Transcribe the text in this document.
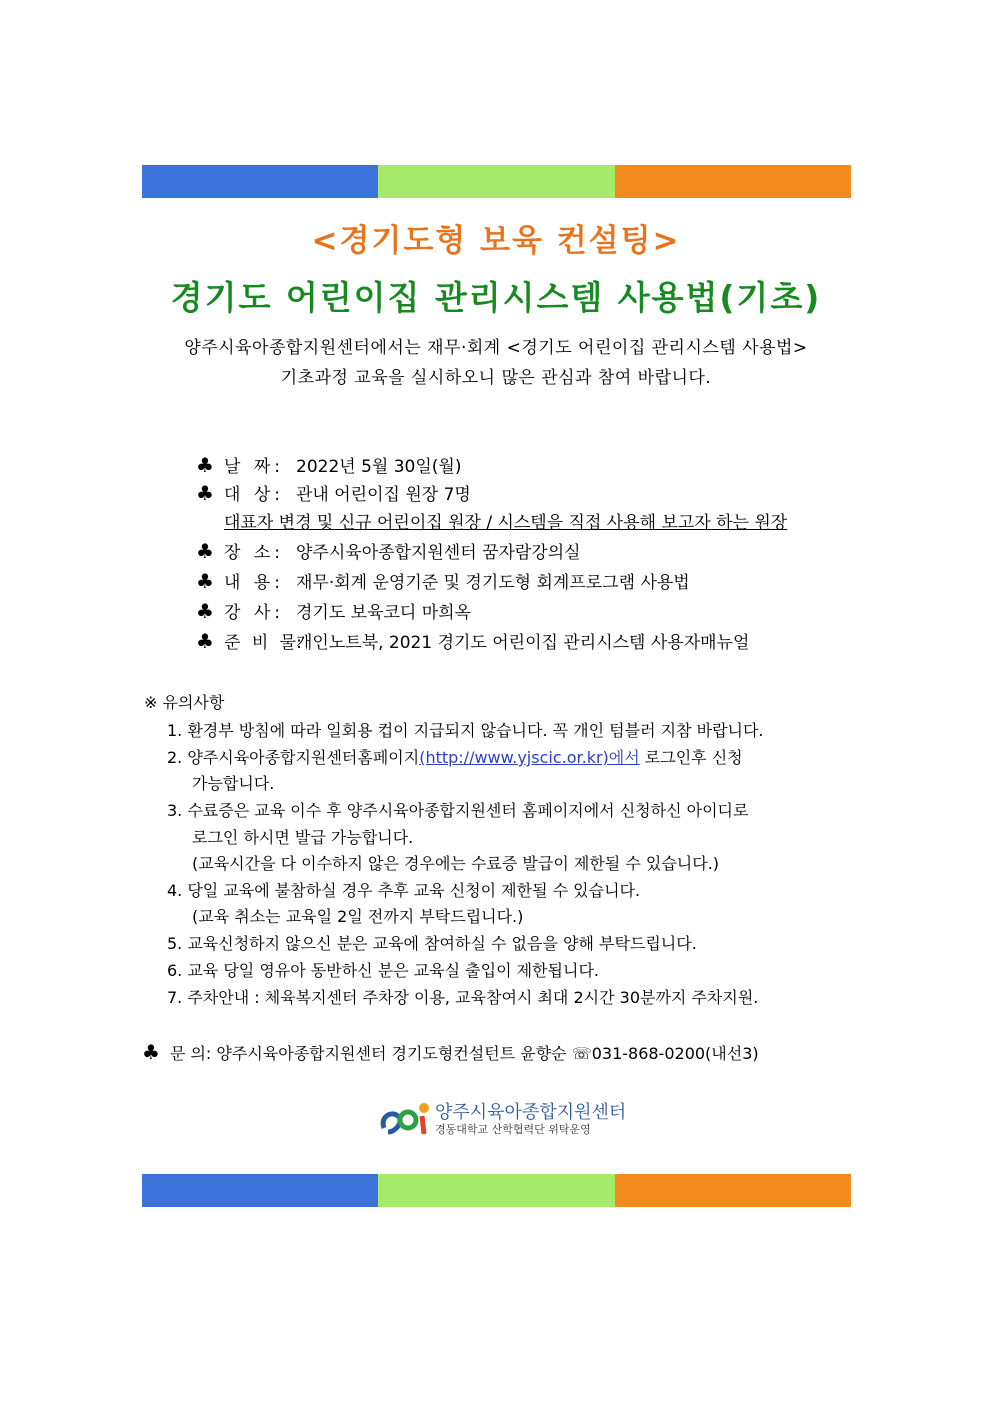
<경기도형 보육 컨설팅>
경기도 어린이집 관리시스템 사용법(기초)
양주시육아종합지원센터에서는 재무·회계 <경기도 어린이집 관리시스템 사용법>
기초과정 교육을 실시하오니 많은 관심과 참여 바랍니다.
♣ 날 짜: 2022년 5월 30일(월)
♣ 대 상: 관내 어린이집 원장 7명
대표자 변경 및 신규 어린이집 원장 / 시스템을 직접 사용해 보고자 하는 원장
♣ 장 소: 양주시육아종합지원센터 꿈자람강의실
♣ 내 용: 재무·회계 운영기준 및 경기도형 회계프로그램 사용법
♣ 강 사: 경기도 보육코디 마희옥
♣ 준 비 물:개인노트북, 2021 경기도 어린이집 관리시스템 사용자매뉴얼
※ 유의사항
1. 환경부 방침에 따라 일회용 컵이 지급되지 않습니다. 꼭 개인 텀블러 지참 바랍니다.
2. 양주시육아종합지원센터홈페이지(http://www.yjscic.or.kr)에서 로그인후 신청
가능합니다.
3. 수료증은 교육 이수 후 양주시육아종합지원센터 홈페이지에서 신청하신 아이디로
로그인 하시면 발급 가능합니다.
(교육시간을 다 이수하지 않은 경우에는 수료증 발급이 제한될 수 있습니다.)
4. 당일 교육에 불참하실 경우 추후 교육 신청이 제한될 수 있습니다.
(교육 취소는 교육일 2일 전까지 부탁드립니다.)
5. 교육신청하지 않으신 분은 교육에 참여하실 수 없음을 양해 부탁드립니다.
6. 교육 당일 영유아 동반하신 분은 교육실 출입이 제한됩니다.
7. 주차안내 : 체육복지센터 주차장 이용, 교육참여시 최대 2시간 30분까지 주차지원.
♣ 문 의: 양주시육아종합지원센터 경기도형컨설턴트 윤향순 ☏031-868-0200(내선3)
양주시육아종합지원센터
경동대학교 산학협력단 위탁운영
